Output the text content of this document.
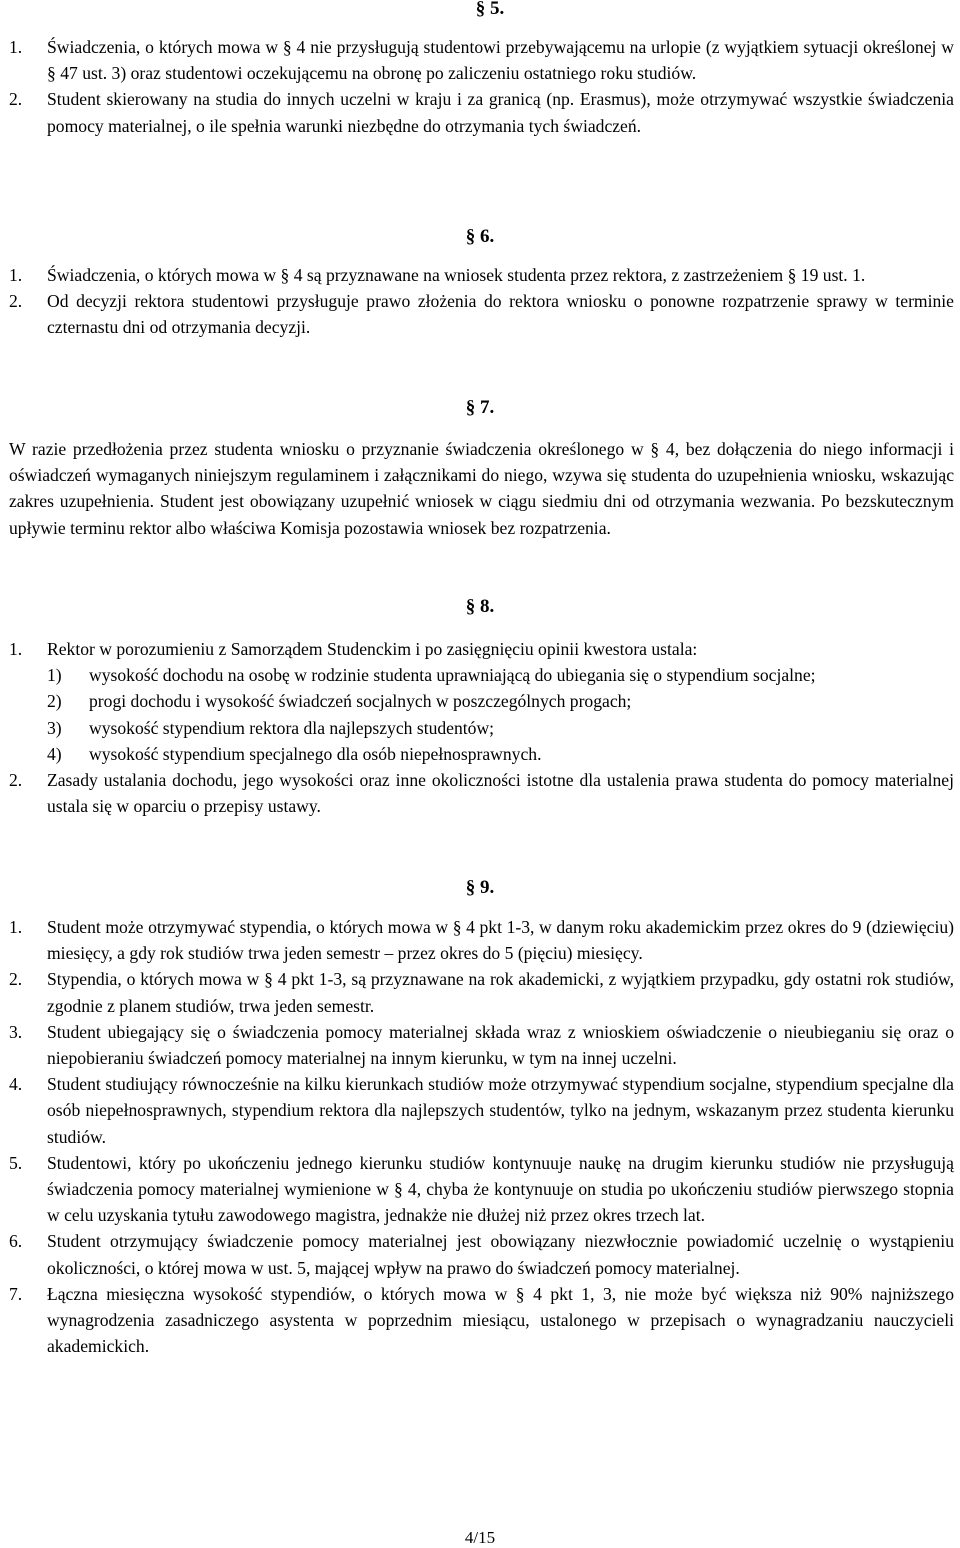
§ 5.
1. Świadczenia, o których mowa w § 4 nie przysługują studentowi przebywającemu na urlopie (z wyjątkiem sytuacji określonej w § 47 ust. 3) oraz studentowi oczekującemu na obronę po zaliczeniu ostatniego roku studiów.
2. Student skierowany na studia do innych uczelni w kraju i za granicą (np. Erasmus), może otrzymywać wszystkie świadczenia pomocy materialnej, o ile spełnia warunki niezbędne do otrzymania tych świadczeń.
§ 6.
1. Świadczenia, o których mowa w § 4 są przyznawane na wniosek studenta przez rektora, z zastrzeżeniem § 19 ust. 1.
2. Od decyzji rektora studentowi przysługuje prawo złożenia do rektora wniosku o ponowne rozpatrzenie sprawy w terminie czternastu dni od otrzymania decyzji.
§ 7.

W razie przedłożenia przez studenta wniosku o przyznanie świadczenia określonego w § 4, bez dołączenia do niego informacji i oświadczeń wymaganych niniejszym regulaminem i załącznikami do niego, wzywa się studenta do uzupełnienia wniosku, wskazując zakres uzupełnienia. Student jest obowiązany uzupełnić wniosek w ciągu siedmiu dni od otrzymania wezwania. Po bezskutecznym upływie terminu rektor albo właściwa Komisja pozostawia wniosek bez rozpatrzenia.

§ 8.
1. Rektor w porozumieniu z Samorządem Studenckim i po zasięgnięciu opinii kwestora ustala:
1) wysokość dochodu na osobę w rodzinie studenta uprawniającą do ubiegania się o stypendium socjalne;
2) progi dochodu i wysokość świadczeń socjalnych w poszczególnych progach;
3) wysokość stypendium rektora dla najlepszych studentów;
4) wysokość stypendium specjalnego dla osób niepełnosprawnych.
2. Zasady ustalania dochodu, jego wysokości oraz inne okoliczności istotne dla ustalenia prawa studenta do pomocy materialnej ustala się w oparciu o przepisy ustawy.
§ 9.
1. Student może otrzymywać stypendia, o których mowa w § 4 pkt 1-3, w danym roku akademickim przez okres do 9 (dziewięciu) miesięcy, a gdy rok studiów trwa jeden semestr – przez okres do 5 (pięciu) miesięcy.
2. Stypendia, o których mowa w § 4 pkt 1-3, są przyznawane na rok akademicki, z wyjątkiem przypadku, gdy ostatni rok studiów, zgodnie z planem studiów, trwa jeden semestr.
3. Student ubiegający się o świadczenia pomocy materialnej składa wraz z wnioskiem oświadczenie o nieubieganiu się oraz o niepobieraniu świadczeń pomocy materialnej na innym kierunku, w tym na innej uczelni.
4. Student studiujący równocześnie na kilku kierunkach studiów może otrzymywać stypendium socjalne, stypendium specjalne dla osób niepełnosprawnych, stypendium rektora dla najlepszych studentów, tylko na jednym, wskazanym przez studenta kierunku studiów.
5. Studentowi, który po ukończeniu jednego kierunku studiów kontynuuje naukę na drugim kierunku studiów nie przysługują świadczenia pomocy materialnej wymienione w § 4, chyba że kontynuuje on studia po ukończeniu studiów pierwszego stopnia w celu uzyskania tytułu zawodowego magistra, jednakże nie dłużej niż przez okres trzech lat.
6. Student otrzymujący świadczenie pomocy materialnej jest obowiązany niezwłocznie powiadomić uczelnię o wystąpieniu okoliczności, o której mowa w ust. 5, mającej wpływ na prawo do świadczeń pomocy materialnej.
7. Łączna miesięczna wysokość stypendiów, o których mowa w § 4 pkt 1, 3, nie może być większa niż 90% najniższego wynagrodzenia zasadniczego asystenta w poprzednim miesiącu, ustalonego w przepisach o wynagradzaniu nauczycieli akademickich.
4/15
